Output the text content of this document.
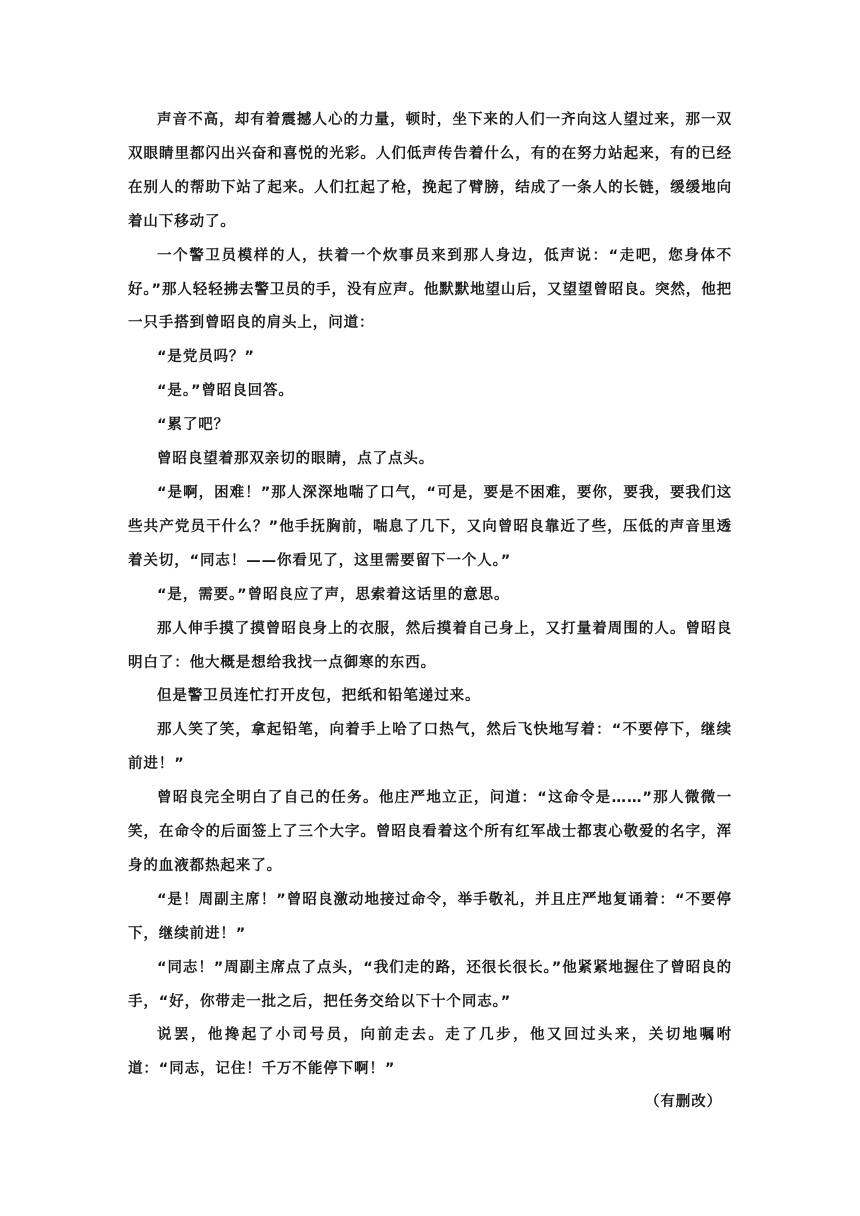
声音不高，却有着震撼人心的力量，顿时，坐下来的人们一齐向这人望过来，那一双双眼睛里都闪出兴奋和喜悦的光彩。人们低声传告着什么，有的在努力站起来，有的已经在别人的帮助下站了起来。人们扛起了枪，挽起了臂膀，结成了一条人的长链，缓缓地向着山下移动了。

一个警卫员模样的人，扶着一个炊事员来到那人身边，低声说：“走吧，您身体不好。”那人轻轻拂去警卫员的手，没有应声。他默默地望山后，又望望曾昭良。突然，他把一只手搭到曾昭良的肩头上，问道：

“是党员吗？”

“是。”曾昭良回答。

“累了吧？

曾昭良望着那双亲切的眼睛，点了点头。

“是啊，困难！”那人深深地喘了口气，“可是，要是不困难，要你，要我，要我们这些共产党员干什么？”他手抚胸前，喘息了几下，又向曾昭良靠近了些，压低的声音里透着关切，“同志！——你看见了，这里需要留下一个人。”

“是，需要。”曾昭良应了声，思索着这话里的意思。

那人伸手摸了摸曾昭良身上的衣服，然后摸着自己身上，又打量着周围的人。曾昭良明白了：他大概是想给我找一点御寒的东西。

但是警卫员连忙打开皮包，把纸和铅笔递过来。

那人笑了笑，拿起铅笔，向着手上哈了口热气，然后飞快地写着：“不要停下，继续前进！”

曾昭良完全明白了自己的任务。他庄严地立正，问道：“这命令是……”那人微微一笑，在命令的后面签上了三个大字。曾昭良看着这个所有红军战士都衷心敬爱的名字，浑身的血液都热起来了。

“是！周副主席！”曾昭良激动地接过命令，举手敬礼，并且庄严地复诵着：“不要停下，继续前进！”

“同志！”周副主席点了点头，“我们走的路，还很长很长。”他紧紧地握住了曾昭良的手，“好，你带走一批之后，把任务交给以下十个同志。”

说罢，他搀起了小司号员，向前走去。走了几步，他又回过头来，关切地嘱咐道：“同志，记住！千万不能停下啊！”

（有删改）
